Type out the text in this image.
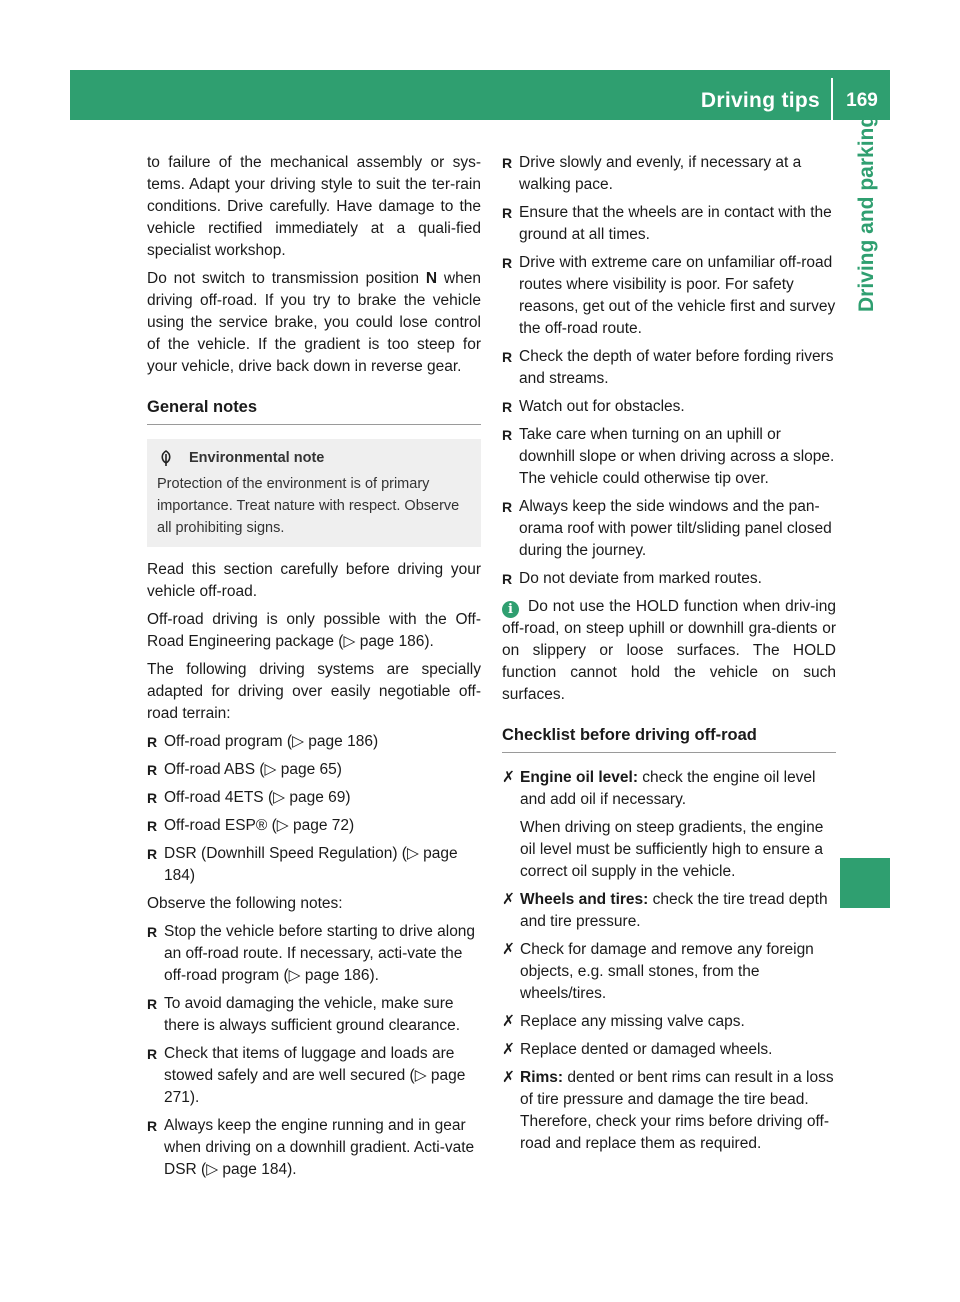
Driving tips	169
Driving and parking

to failure of the mechanical assembly or sys-tems. Adapt your driving style to suit the ter-rain conditions. Drive carefully. Have damage to the vehicle rectified immediately at a quali-fied specialist workshop.

Do not switch to transmission position N when driving off-road. If you try to brake the vehicle using the service brake, you could lose control of the vehicle. If the gradient is too steep for your vehicle, drive back down in reverse gear.

General notes
Environmental note
Protection of the environment is of primary importance. Treat nature with respect. Observe all prohibiting signs.

Read this section carefully before driving your vehicle off-road.

Off-road driving is only possible with the Off-Road Engineering package (▷ page 186).

The following driving systems are specially adapted for driving over easily negotiable off-road terrain:

R Off-road program (▷ page 186)
R Off-road ABS (▷ page 65)
R Off-road 4ETS (▷ page 69)
R Off-road ESP® (▷ page 72)
R DSR (Downhill Speed Regulation) (▷ page 184)

Observe the following notes:

R Stop the vehicle before starting to drive along an off-road route. If necessary, acti-vate the off-road program (▷ page 186).
R To avoid damaging the vehicle, make sure there is always sufficient ground clearance.
R Check that items of luggage and loads are stowed safely and are well secured (▷ page 271).
R Always keep the engine running and in gear when driving on a downhill gradient. Acti-vate DSR (▷ page 184).
R Drive slowly and evenly, if necessary at a walking pace.
R Ensure that the wheels are in contact with the ground at all times.
R Drive with extreme care on unfamiliar off-road routes where visibility is poor. For safety reasons, get out of the vehicle first and survey the off-road route.
R Check the depth of water before fording rivers and streams.
R Watch out for obstacles.
R Take care when turning on an uphill or downhill slope or when driving across a slope. The vehicle could otherwise tip over.
R Always keep the side windows and the pan-orama roof with power tilt/sliding panel closed during the journey.
R Do not deviate from marked routes.

i Do not use the HOLD function when driv-ing off-road, on steep uphill or downhill gra-dients or on slippery or loose surfaces. The HOLD function cannot hold the vehicle on such surfaces.

Checklist before driving off-road
✗ Engine oil level: check the engine oil level and add oil if necessary.
When driving on steep gradients, the engine oil level must be sufficiently high to ensure a correct oil supply in the vehicle.
✗ Wheels and tires: check the tire tread depth and tire pressure.
✗ Check for damage and remove any foreign objects, e.g. small stones, from the wheels/tires.
✗ Replace any missing valve caps.
✗ Replace dented or damaged wheels.
✗ Rims: dented or bent rims can result in a loss of tire pressure and damage the tire bead. Therefore, check your rims before driving off-road and replace them as required.
